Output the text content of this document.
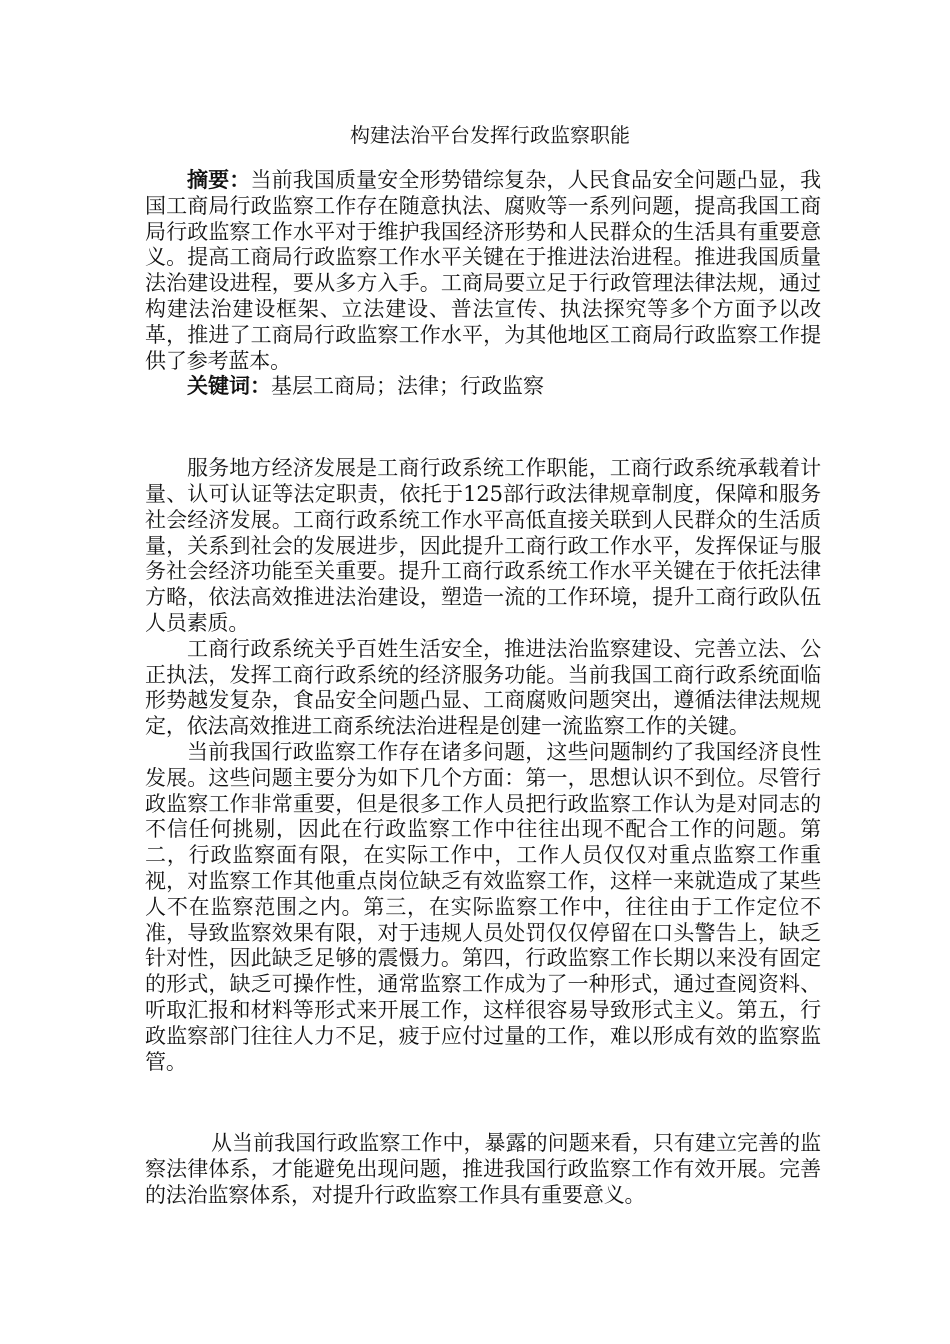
构建法治平台发挥行政监察职能

摘要：当前我国质量安全形势错综复杂，人民食品安全问题凸显，我国工商局行政监察工作存在随意执法、腐败等一系列问题，提高我国工商局行政监察工作水平对于维护我国经济形势和人民群众的生活具有重要意义。提高工商局行政监察工作水平关键在于推进法治进程。推进我国质量法治建设进程，要从多方入手。工商局要立足于行政管理法律法规，通过构建法治建设框架、立法建设、普法宣传、执法探究等多个方面予以改革，推进了工商局行政监察工作水平，为其他地区工商局行政监察工作提供了参考蓝本。

关键词：基层工商局；法律；行政监察

服务地方经济发展是工商行政系统工作职能，工商行政系统承载着计量、认可认证等法定职责，依托于125部行政法律规章制度，保障和服务社会经济发展。工商行政系统工作水平高低直接关联到人民群众的生活质量，关系到社会的发展进步，因此提升工商行政工作水平，发挥保证与服务社会经济功能至关重要。提升工商行政系统工作水平关键在于依托法律方略，依法高效推进法治建设，塑造一流的工作环境，提升工商行政队伍人员素质。

工商行政系统关乎百姓生活安全，推进法治监察建设、完善立法、公正执法，发挥工商行政系统的经济服务功能。当前我国工商行政系统面临形势越发复杂，食品安全问题凸显、工商腐败问题突出，遵循法律法规规定，依法高效推进工商系统法治进程是创建一流监察工作的关键。

当前我国行政监察工作存在诸多问题，这些问题制约了我国经济良性发展。这些问题主要分为如下几个方面：第一，思想认识不到位。尽管行政监察工作非常重要，但是很多工作人员把行政监察工作认为是对同志的不信任何挑剔，因此在行政监察工作中往往出现不配合工作的问题。第二，行政监察面有限，在实际工作中，工作人员仅仅对重点监察工作重视，对监察工作其他重点岗位缺乏有效监察工作，这样一来就造成了某些人不在监察范围之内。第三，在实际监察工作中，往往由于工作定位不准，导致监察效果有限，对于违规人员处罚仅仅停留在口头警告上，缺乏针对性，因此缺乏足够的震慑力。第四，行政监察工作长期以来没有固定的形式，缺乏可操作性，通常监察工作成为了一种形式，通过查阅资料、听取汇报和材料等形式来开展工作，这样很容易导致形式主义。第五，行政监察部门往往人力不足，疲于应付过量的工作，难以形成有效的监察监管。

从当前我国行政监察工作中，暴露的问题来看，只有建立完善的监察法律体系，才能避免出现问题，推进我国行政监察工作有效开展。完善的法治监察体系，对提升行政监察工作具有重要意义。
